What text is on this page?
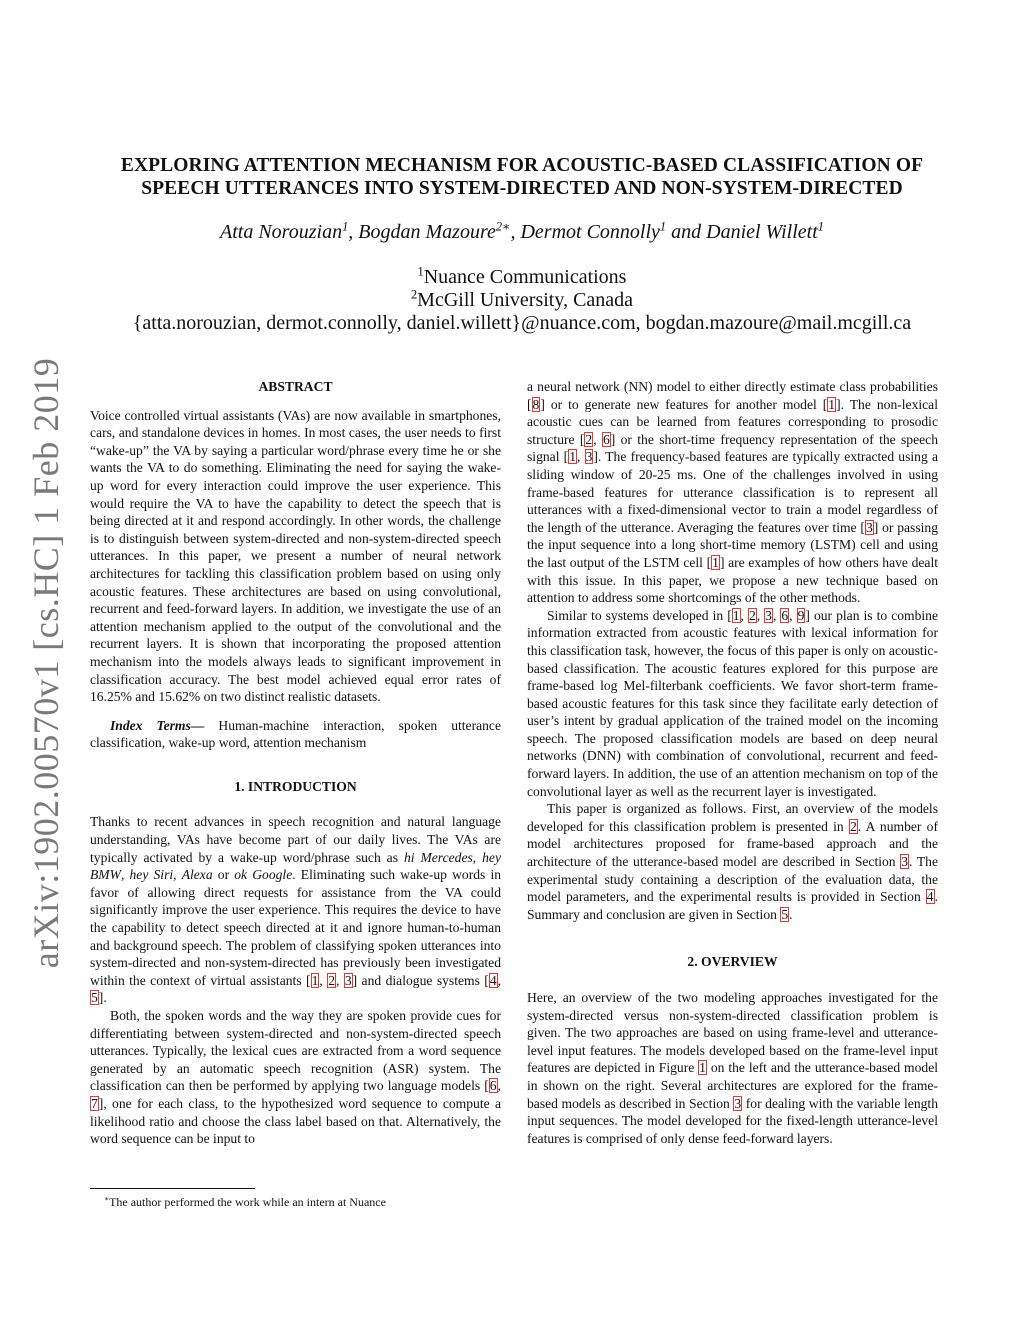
arXiv:1902.00570v1 [cs.HC] 1 Feb 2019
EXPLORING ATTENTION MECHANISM FOR ACOUSTIC-BASED CLASSIFICATION OF
SPEECH UTTERANCES INTO SYSTEM-DIRECTED AND NON-SYSTEM-DIRECTED
Atta Norouzian$^1$, Bogdan Mazoure$^{2∗}$, Dermot Connolly$^1$ and Daniel Willett$^1$
$^1$Nuance Communications
$^2$McGill University, Canada
{atta.norouzian, dermot.connolly, daniel.willett}@nuance.com, bogdan.mazoure@mail.mcgill.ca

ABSTRACT

Voice controlled virtual assistants (VAs) are now available in smartphones, cars, and standalone devices in homes. In most cases, the user needs to first “wake-up” the VA by saying a particular word/phrase every time he or she wants the VA to do something. Eliminating the need for saying the wake-up word for every interaction could improve the user experience. This would require the VA to have the capability to detect the speech that is being directed at it and respond accordingly. In other words, the challenge is to distinguish between system-directed and non-system-directed speech utterances. In this paper, we present a number of neural network architectures for tackling this classification problem based on using only acoustic features. These architectures are based on using convolutional, recurrent and feed-forward layers. In addition, we investigate the use of an attention mechanism applied to the output of the convolutional and the recurrent layers. It is shown that incorporating the proposed attention mechanism into the models always leads to significant improvement in classification accuracy. The best model achieved equal error rates of 16.25% and 15.62% on two distinct realistic datasets.

Index Terms— Human-machine interaction, spoken utterance classification, wake-up word, attention mechanism

1. INTRODUCTION

Thanks to recent advances in speech recognition and natural language understanding, VAs have become part of our daily lives. The VAs are typically activated by a wake-up word/phrase such as hi Mercedes, hey BMW, hey Siri, Alexa or ok Google. Eliminating such wake-up words in favor of allowing direct requests for assistance from the VA could significantly improve the user experience. This requires the device to have the capability to detect speech directed at it and ignore human-to-human and background speech. The problem of classifying spoken utterances into system-directed and non-system-directed has previously been investigated within the context of virtual assistants [1, 2, 3] and dialogue systems [4, 5].

Both, the spoken words and the way they are spoken provide cues for differentiating between system-directed and non-system-directed speech utterances. Typically, the lexical cues are extracted from a word sequence generated by an automatic speech recognition (ASR) system. The classification can then be performed by applying two language models [6, 7], one for each class, to the hypothesized word sequence to compute a likelihood ratio and choose the class label based on that. Alternatively, the word sequence can be input to

∗The author performed the work while an intern at Nuance

a neural network (NN) model to either directly estimate class probabilities [8] or to generate new features for another model [1]. The non-lexical acoustic cues can be learned from features corresponding to prosodic structure [2, 6] or the short-time frequency representation of the speech signal [1, 3]. The frequency-based features are typically extracted using a sliding window of 20-25 ms. One of the challenges involved in using frame-based features for utterance classification is to represent all utterances with a fixed-dimensional vector to train a model regardless of the length of the utterance. Averaging the features over time [3] or passing the input sequence into a long short-time memory (LSTM) cell and using the last output of the LSTM cell [1] are examples of how others have dealt with this issue. In this paper, we propose a new technique based on attention to address some shortcomings of the other methods.

Similar to systems developed in [1, 2, 3, 6, 9] our plan is to combine information extracted from acoustic features with lexical information for this classification task, however, the focus of this paper is only on acoustic-based classification. The acoustic features explored for this purpose are frame-based log Mel-filterbank coefficients. We favor short-term frame-based acoustic features for this task since they facilitate early detection of user’s intent by gradual application of the trained model on the incoming speech. The proposed classification models are based on deep neural networks (DNN) with combination of convolutional, recurrent and feed-forward layers. In addition, the use of an attention mechanism on top of the convolutional layer as well as the recurrent layer is investigated.

This paper is organized as follows. First, an overview of the models developed for this classification problem is presented in 2. A number of model architectures proposed for frame-based approach and the architecture of the utterance-based model are described in Section 3. The experimental study containing a description of the evaluation data, the model parameters, and the experimental results is provided in Section 4. Summary and conclusion are given in Section 5.

2. OVERVIEW

Here, an overview of the two modeling approaches investigated for the system-directed versus non-system-directed classification problem is given. The two approaches are based on using frame-level and utterance-level input features. The models developed based on the frame-level input features are depicted in Figure 1 on the left and the utterance-based model in shown on the right. Several architectures are explored for the frame-based models as described in Section 3 for dealing with the variable length input sequences. The model developed for the fixed-length utterance-level features is comprised of only dense feed-forward layers.
